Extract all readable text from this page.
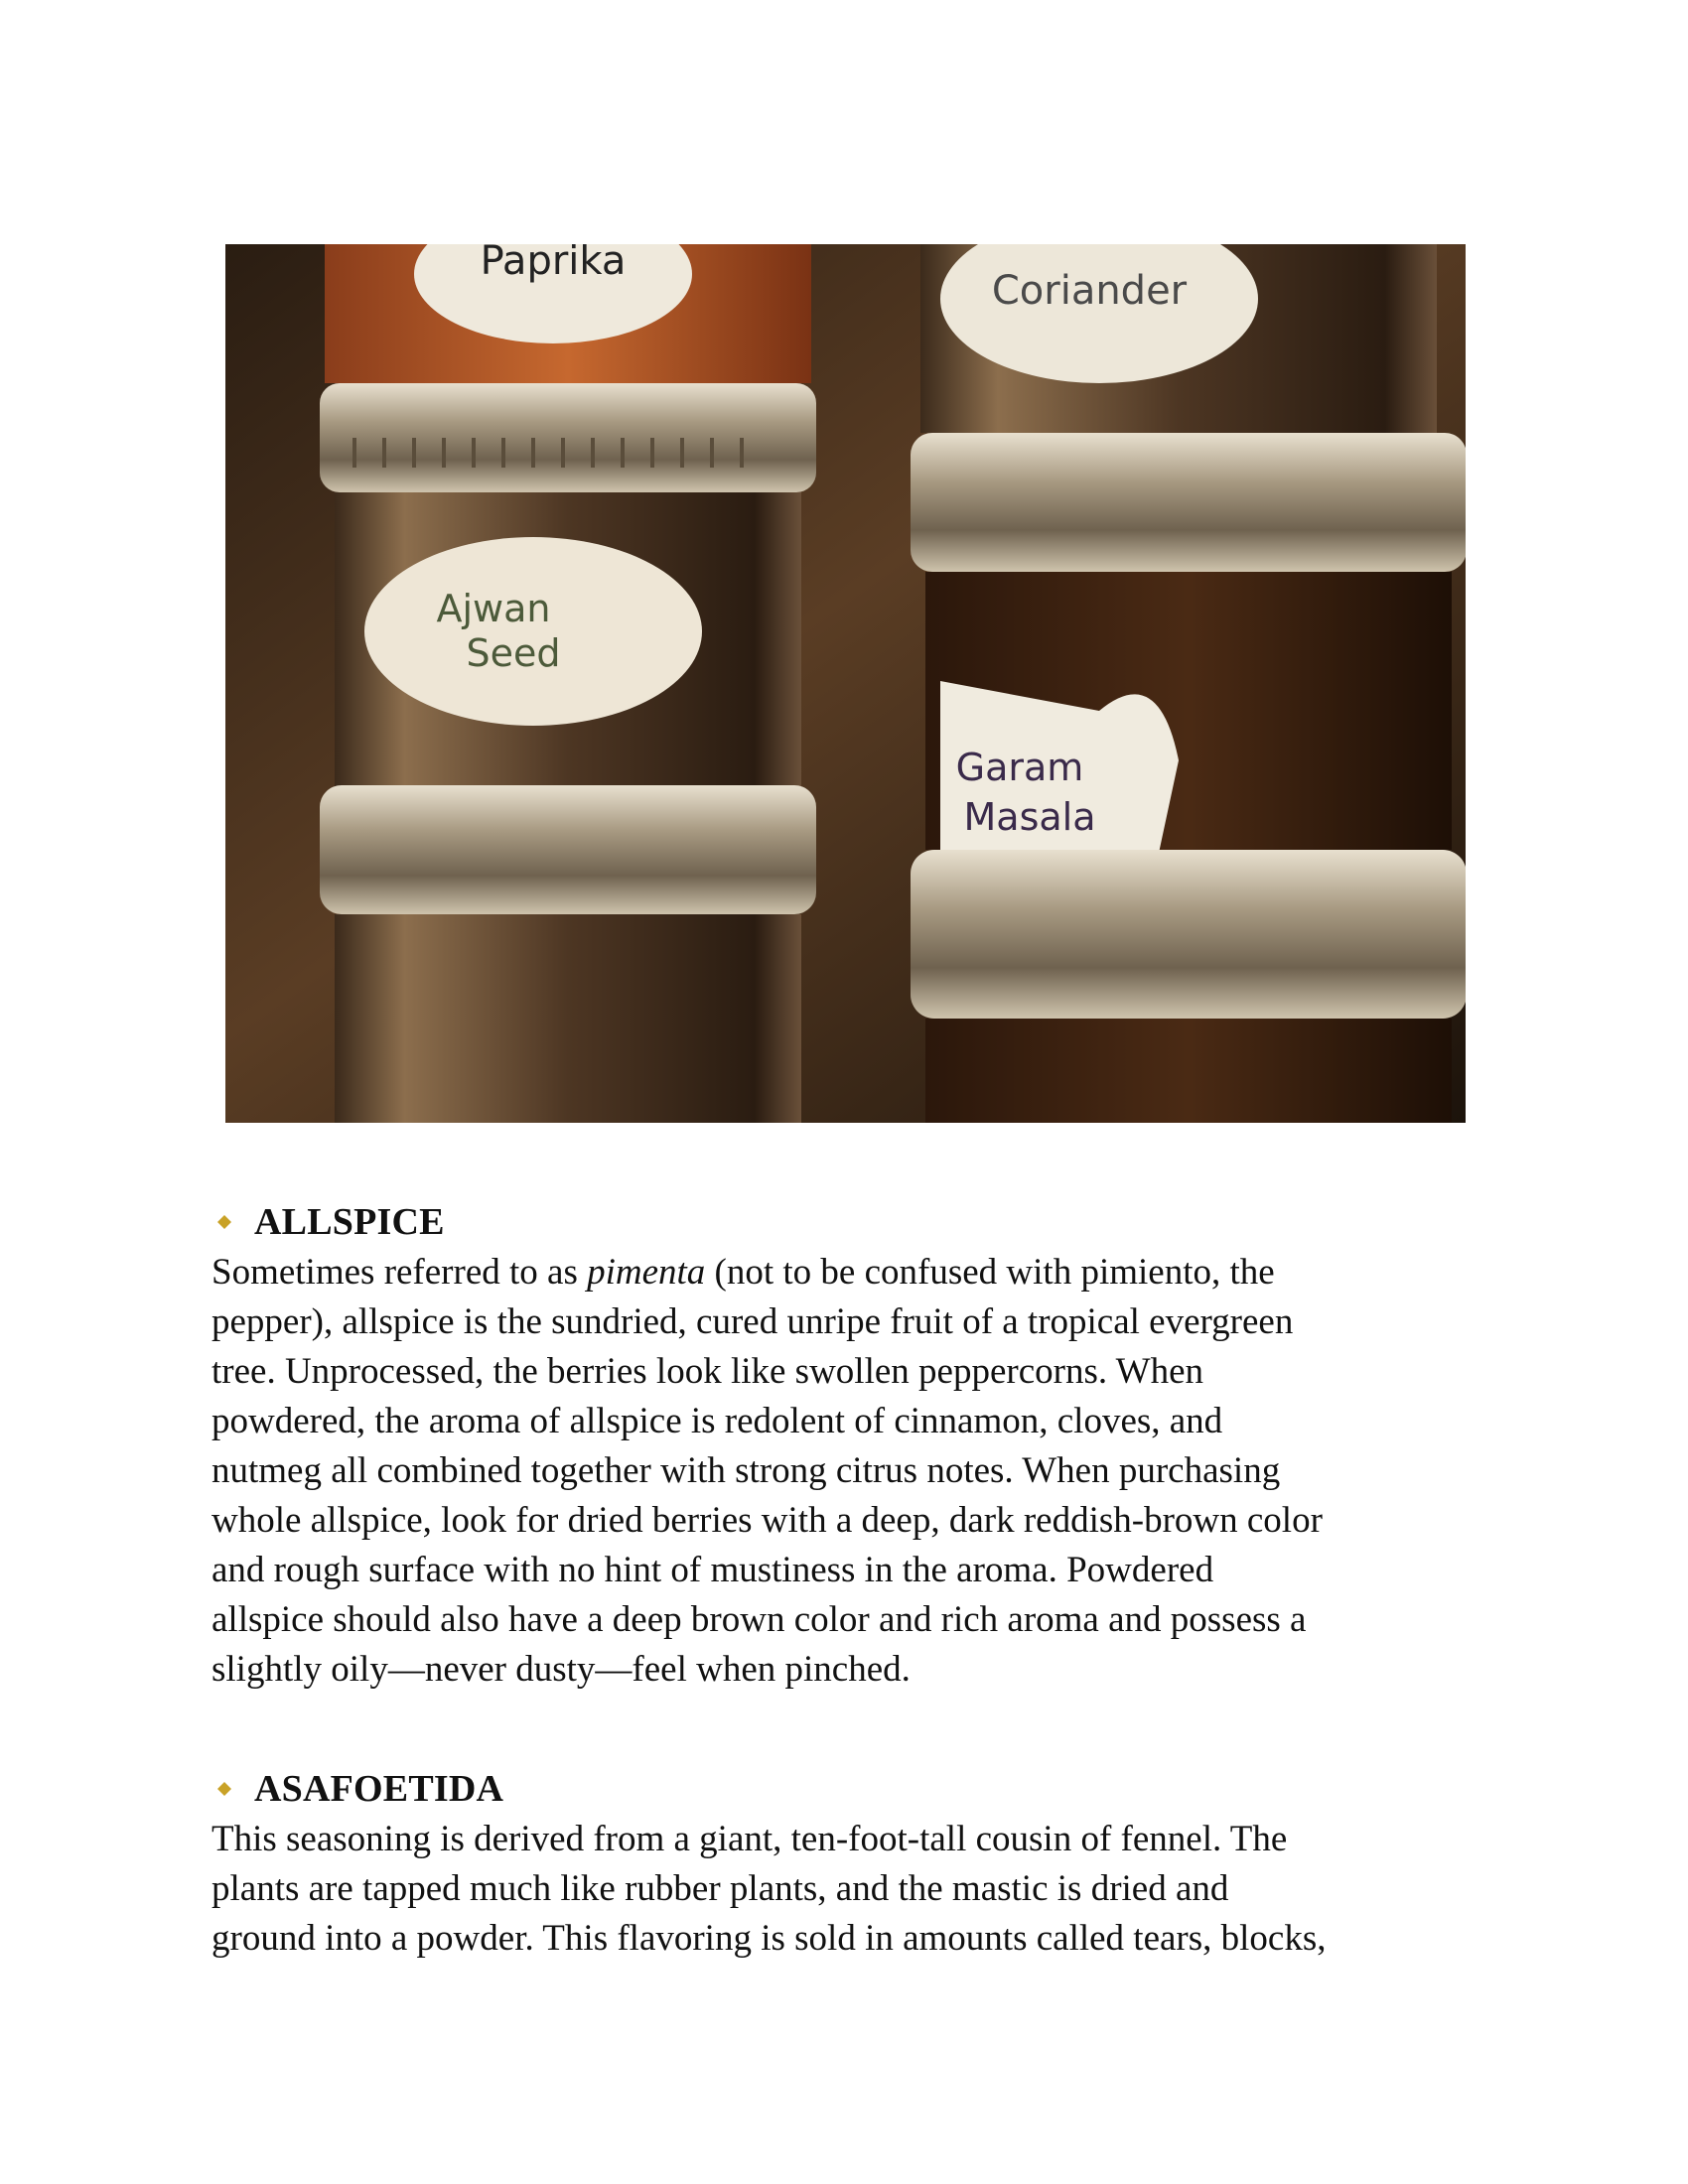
Paprika
Ajwan
Seed
Coriander
Garam
Masala
ALLSPICE

Sometimes referred to as pimenta (not to be confused with pimiento, the
pepper), allspice is the sundried, cured unripe fruit of a tropical evergreen
tree. Unprocessed, the berries look like swollen peppercorns. When
powdered, the aroma of allspice is redolent of cinnamon, cloves, and
nutmeg all combined together with strong citrus notes. When purchasing
whole allspice, look for dried berries with a deep, dark reddish-brown color
and rough surface with no hint of mustiness in the aroma. Powdered
allspice should also have a deep brown color and rich aroma and possess a
slightly oily—never dusty—feel when pinched.

ASAFOETIDA

This seasoning is derived from a giant, ten-foot-tall cousin of fennel. The
plants are tapped much like rubber plants, and the mastic is dried and
ground into a powder. This flavoring is sold in amounts called tears, blocks,
